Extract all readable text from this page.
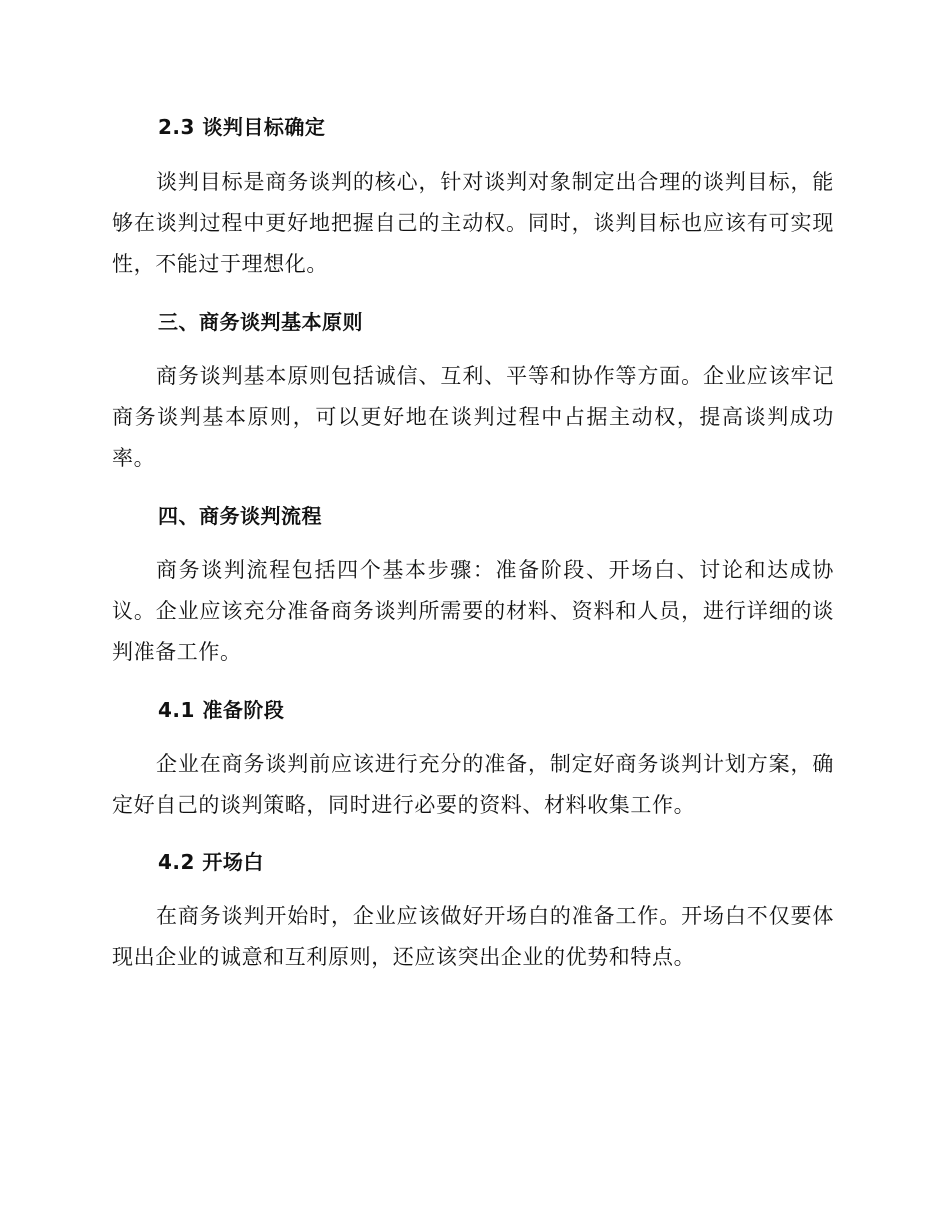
2.3 谈判目标确定
谈判目标是商务谈判的核心，针对谈判对象制定出合理的谈判目标，能够在谈判过程中更好地把握自己的主动权。同时，谈判目标也应该有可实现性，不能过于理想化。
三、商务谈判基本原则
商务谈判基本原则包括诚信、互利、平等和协作等方面。企业应该牢记商务谈判基本原则，可以更好地在谈判过程中占据主动权，提高谈判成功率。
四、商务谈判流程
商务谈判流程包括四个基本步骤：准备阶段、开场白、讨论和达成协议。企业应该充分准备商务谈判所需要的材料、资料和人员，进行详细的谈判准备工作。
4.1 准备阶段
企业在商务谈判前应该进行充分的准备，制定好商务谈判计划方案，确定好自己的谈判策略，同时进行必要的资料、材料收集工作。
4.2 开场白
在商务谈判开始时，企业应该做好开场白的准备工作。开场白不仅要体现出企业的诚意和互利原则，还应该突出企业的优势和特点。
